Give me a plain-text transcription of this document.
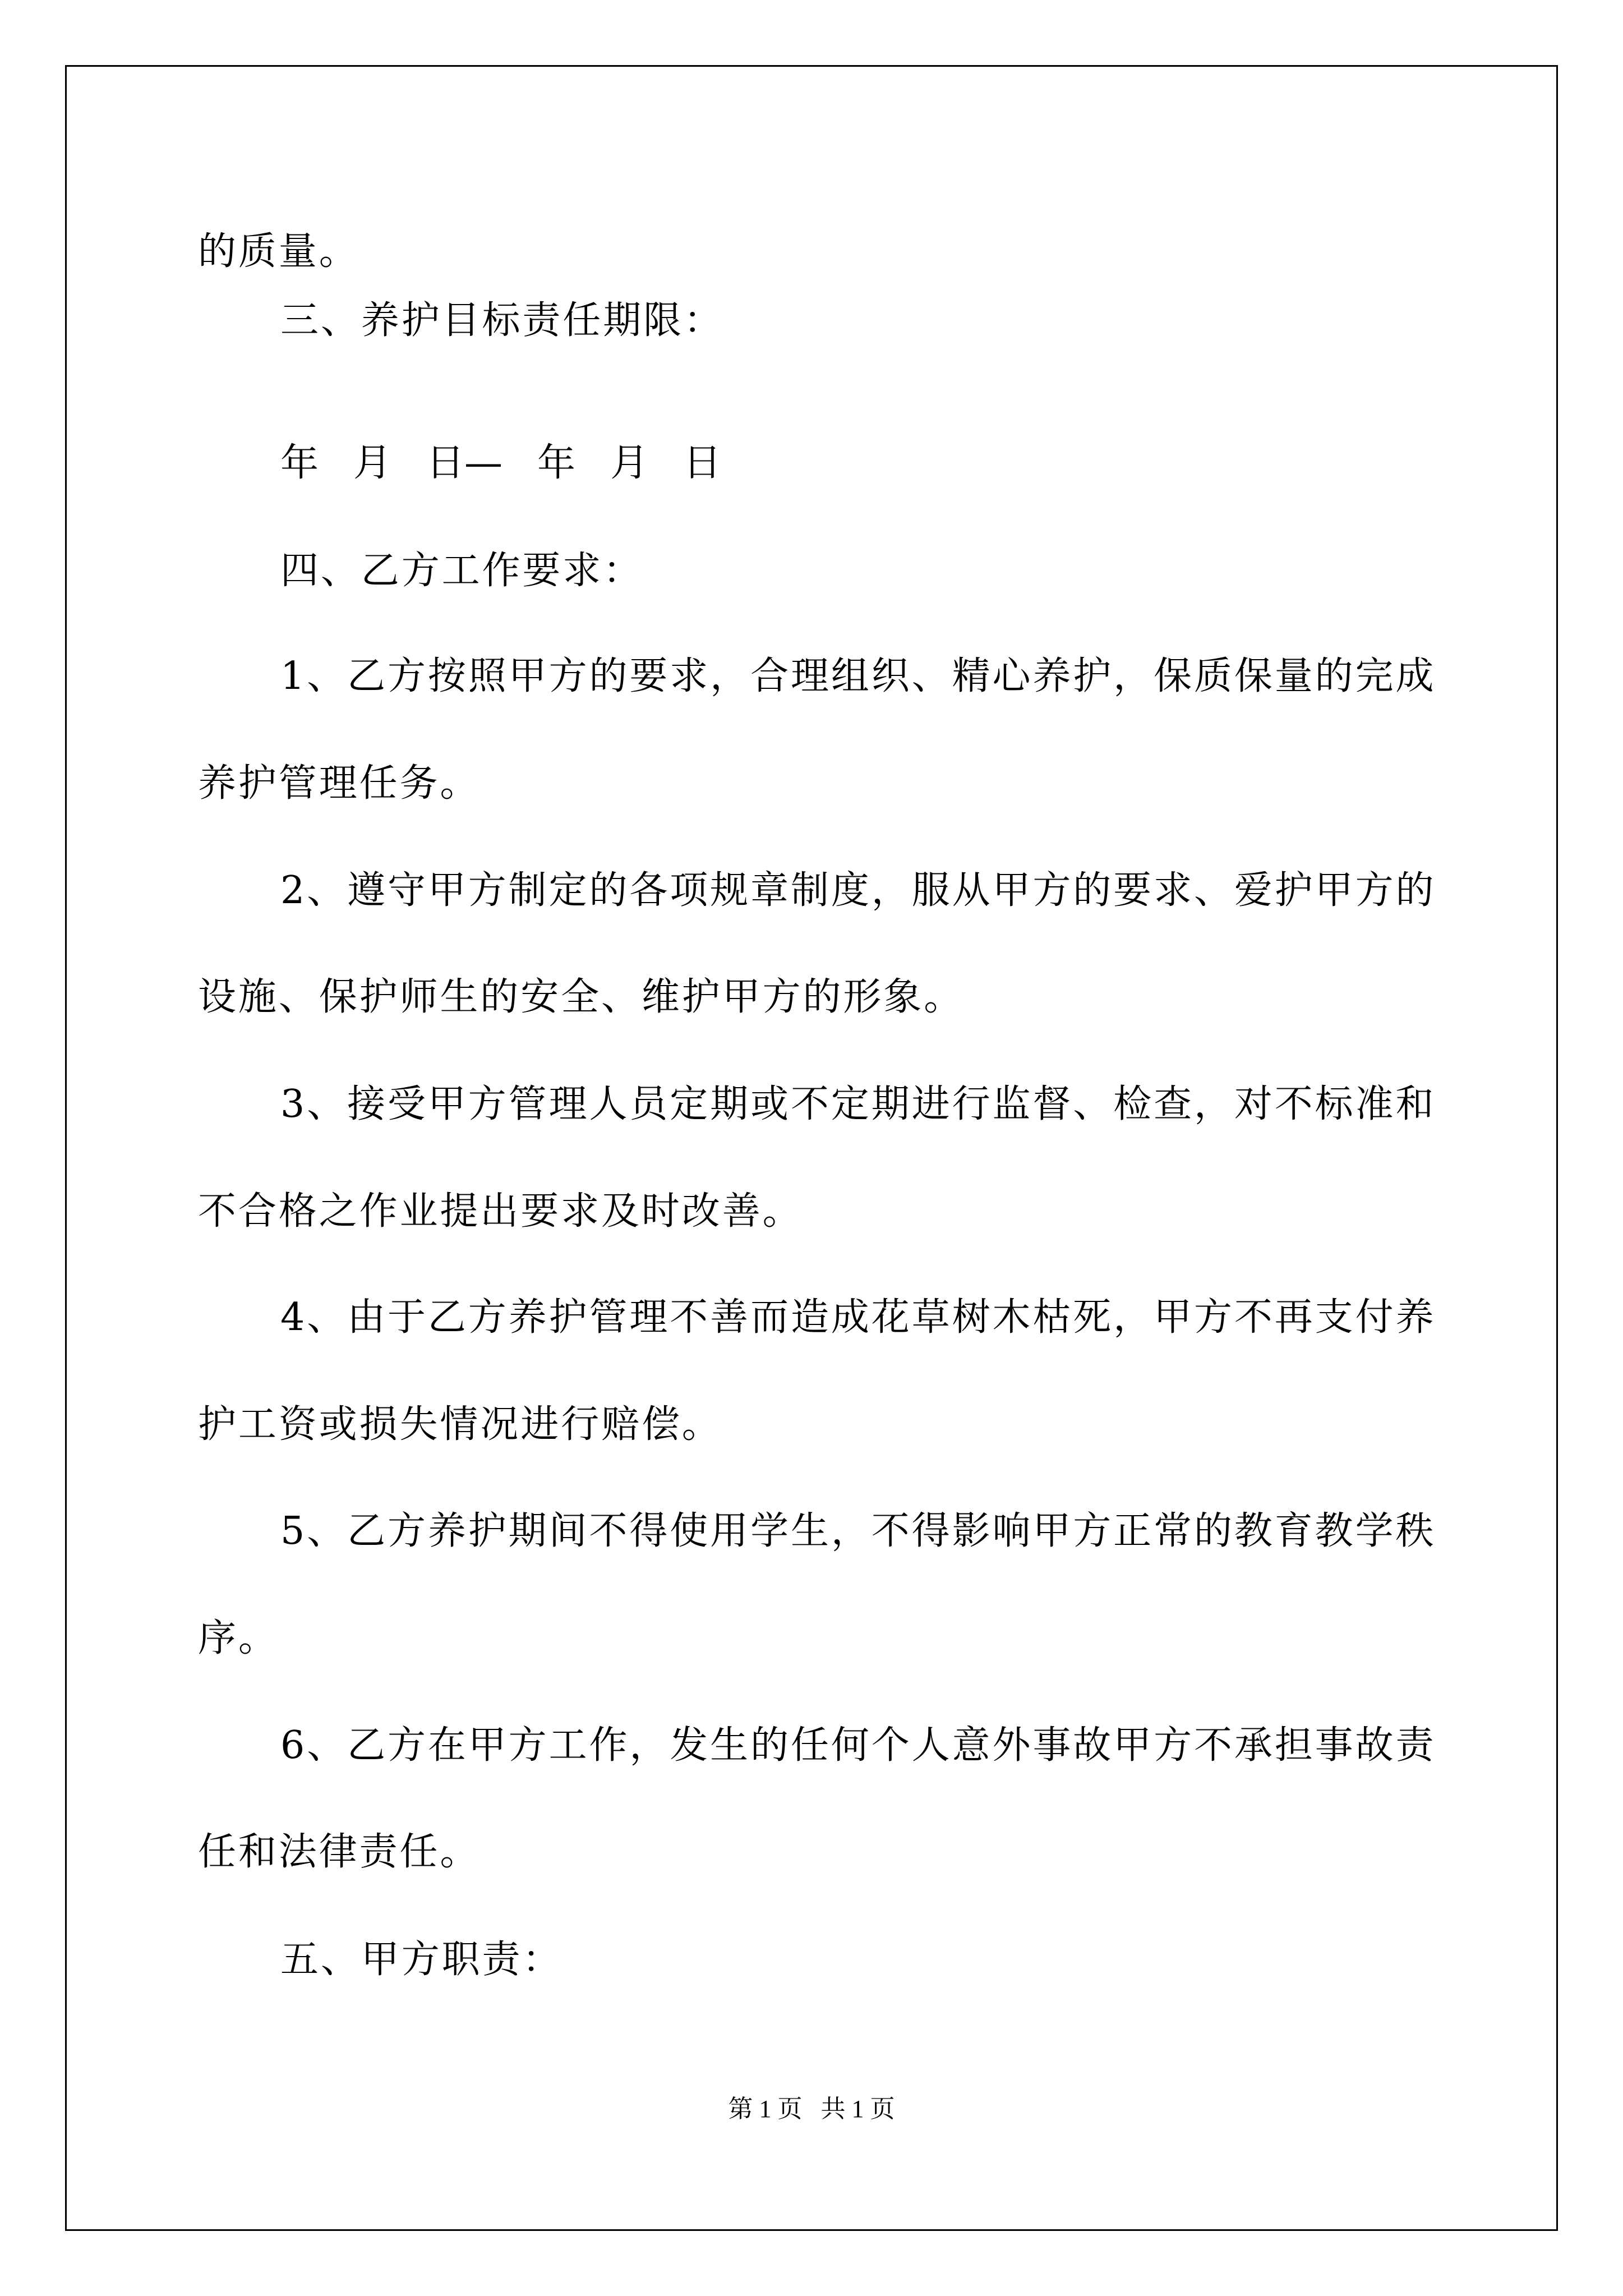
的质量。
三、养护目标责任期限：
年 月 日— 年 月 日
四、乙方工作要求：
1、乙方按照甲方的要求，合理组织、精心养护，保质保量的完成
养护管理任务。
2、遵守甲方制定的各项规章制度，服从甲方的要求、爱护甲方的
设施、保护师生的安全、维护甲方的形象。
3、接受甲方管理人员定期或不定期进行监督、检查，对不标准和
不合格之作业提出要求及时改善。
4、由于乙方养护管理不善而造成花草树木枯死，甲方不再支付养
护工资或损失情况进行赔偿。
5、乙方养护期间不得使用学生，不得影响甲方正常的教育教学秩
序。
6、乙方在甲方工作，发生的任何个人意外事故甲方不承担事故责
任和法律责任。
五、甲方职责：
第 1 页   共 1 页
